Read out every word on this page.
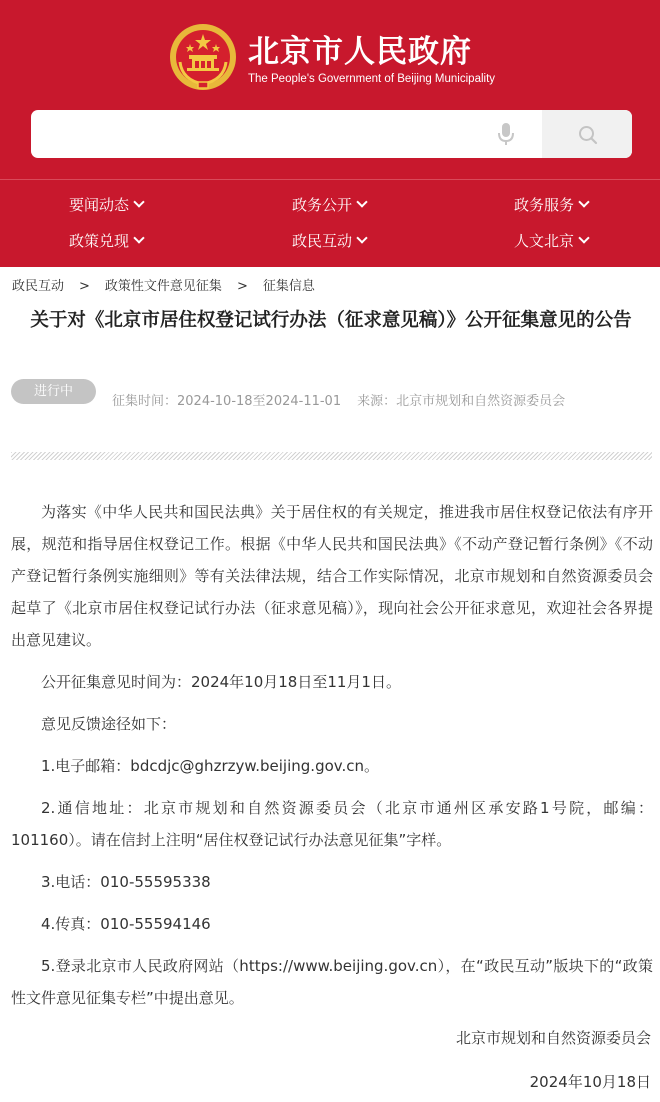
北京市人民政府
The People's Government of Beijing Municipality
要闻动态	政务公开	政务服务
政策兑现	政民互动	人文北京
政民互动 > 政策性文件意见征集 > 征集信息
关于对《北京市居住权登记试行办法（征求意见稿）》公开征集意见的公告
进行中
征集时间：2024-10-18至2024-11-01 来源：北京市规划和自然资源委员会

为落实《中华人民共和国民法典》关于居住权的有关规定，推进我市居住权登记依法有序开展，规范和指导居住权登记工作。根据《中华人民共和国民法典》《不动产登记暂行条例》《不动产登记暂行条例实施细则》等有关法律法规，结合工作实际情况，北京市规划和自然资源委员会起草了《北京市居住权登记试行办法（征求意见稿）》，现向社会公开征求意见，欢迎社会各界提出意见建议。

公开征集意见时间为：2024年10月18日至11月1日。

意见反馈途径如下：

1.电子邮箱：bdcdjc@ghzrzyw.beijing.gov.cn。

2.通信地址：北京市规划和自然资源委员会（北京市通州区承安路1号院，邮编：101160）。请在信封上注明“居住权登记试行办法意见征集”字样。

3.电话：010-55595338

4.传真：010-55594146

5.登录北京市人民政府网站（https://www.beijing.gov.cn），在“政民互动”版块下的“政策性文件意见征集专栏”中提出意见。

北京市规划和自然资源委员会
2024年10月18日
